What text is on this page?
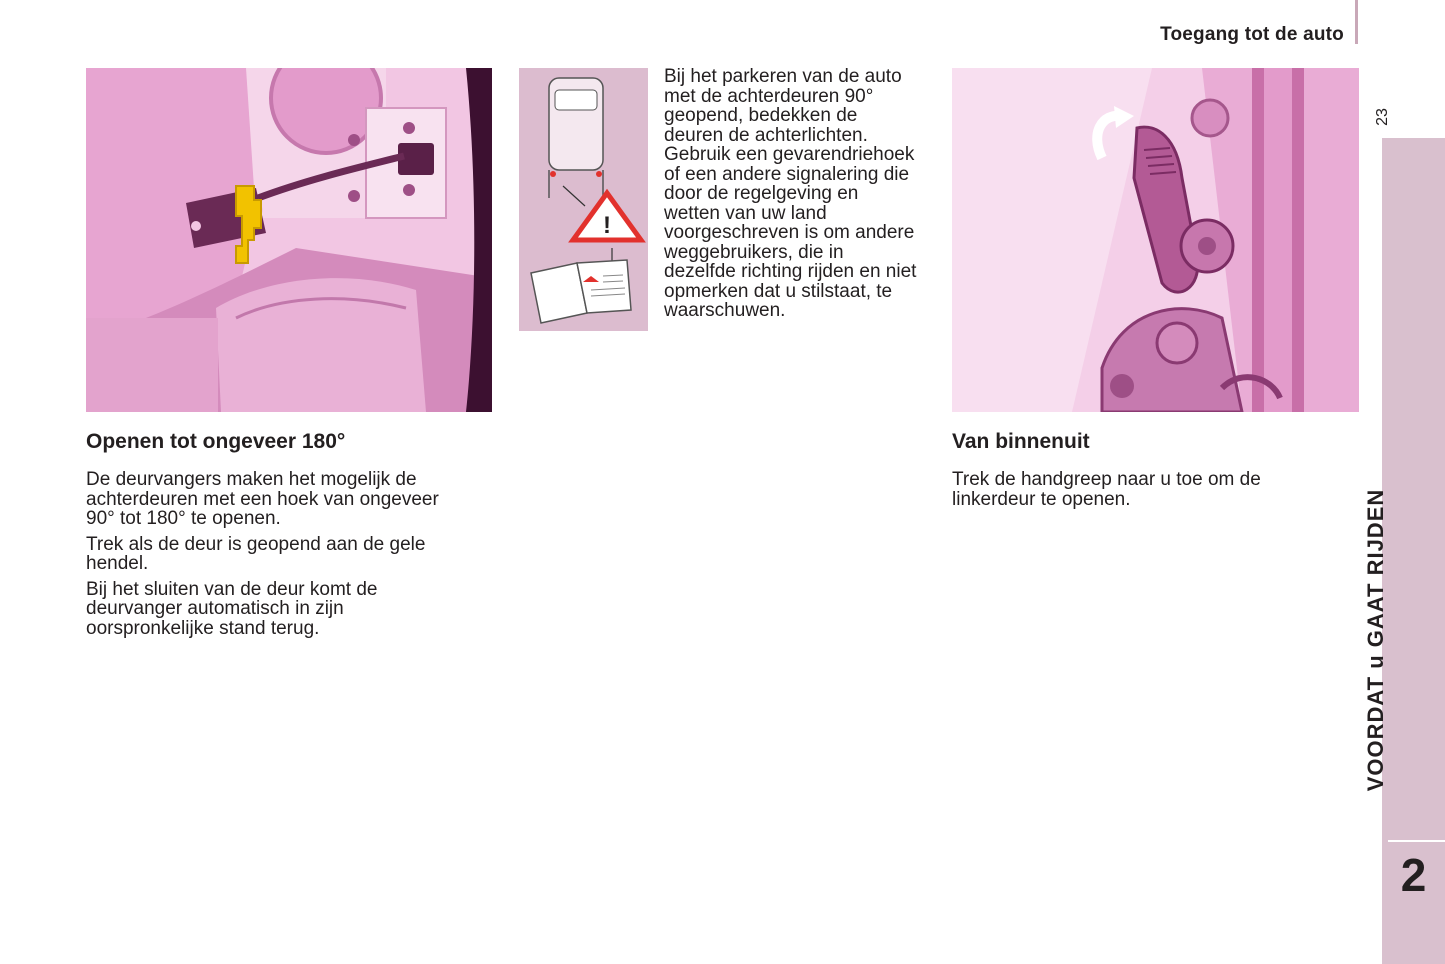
Toegang tot de auto
23
VOORDAT u GAAT RIJDEN
2
!
Bij het parkeren van de auto met de achterdeuren 90° geopend, bedekken de deuren de achterlichten. Gebruik een gevarendriehoek of een andere signalering die door de regelgeving en wetten van uw land voorgeschreven is om andere weggebruikers, die in dezelfde richting rijden en niet opmerken dat u stilstaat, te waarschuwen.
Openen tot ongeveer 180°

De deurvangers maken het mogelijk de achterdeuren met een hoek van ongeveer 90° tot 180° te openen.

Trek als de deur is geopend aan de gele hendel.

Bij het sluiten van de deur komt de deurvanger automatisch in zijn oorspronkelijke stand terug.

Van binnenuit

Trek de handgreep naar u toe om de linkerdeur te openen.
